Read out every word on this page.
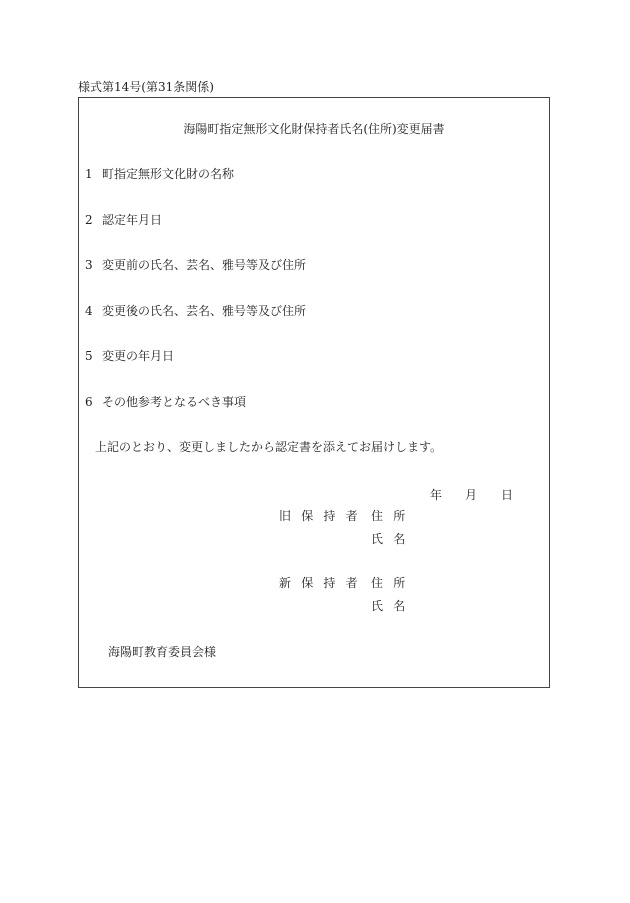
様式第14号(第31条関係)
海陽町指定無形文化財保持者氏名(住所)変更届書
1 町指定無形文化財の名称
2 認定年月日
3 変更前の氏名、芸名、雅号等及び住所
4 変更後の氏名、芸名、雅号等及び住所
5 変更の年月日
6 その他参考となるべき事項
上記のとおり、変更しましたから認定書を添えてお届けします。
年 月 日
旧保持者 住所
氏名
新保持者 住所
氏名
海陽町教育委員会様
